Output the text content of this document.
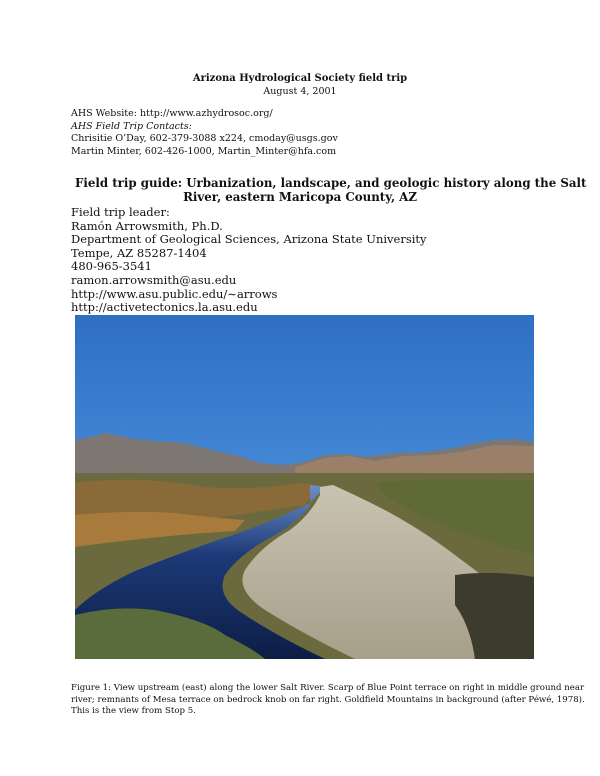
Arizona Hydrological Society field trip
August 4, 2001
AHS Website: http://www.azhydrosoc.org/
AHS Field Trip Contacts:
Chrisitie O’Day, 602-379-3088 x224, cmoday@usgs.gov
Martin Minter, 602-426-1000, Martin_Minter@hfa.com
Field trip guide: Urbanization, landscape, and geologic history along the Salt
River, eastern Maricopa County, AZ
Field trip leader:
Ramón Arrowsmith, Ph.D.
Department of Geological Sciences, Arizona State University
Tempe, AZ 85287-1404
480-965-3541
ramon.arrowsmith@asu.edu
http://www.asu.public.edu/∼arrows
http://activetectonics.la.asu.edu
Figure 1: View upstream (east) along the lower Salt River. Scarp of Blue Point terrace on right in middle ground near
river; remnants of Mesa terrace on bedrock knob on far right. Goldfield Mountains in background (after Péwé, 1978).
This is the view from Stop 5.
